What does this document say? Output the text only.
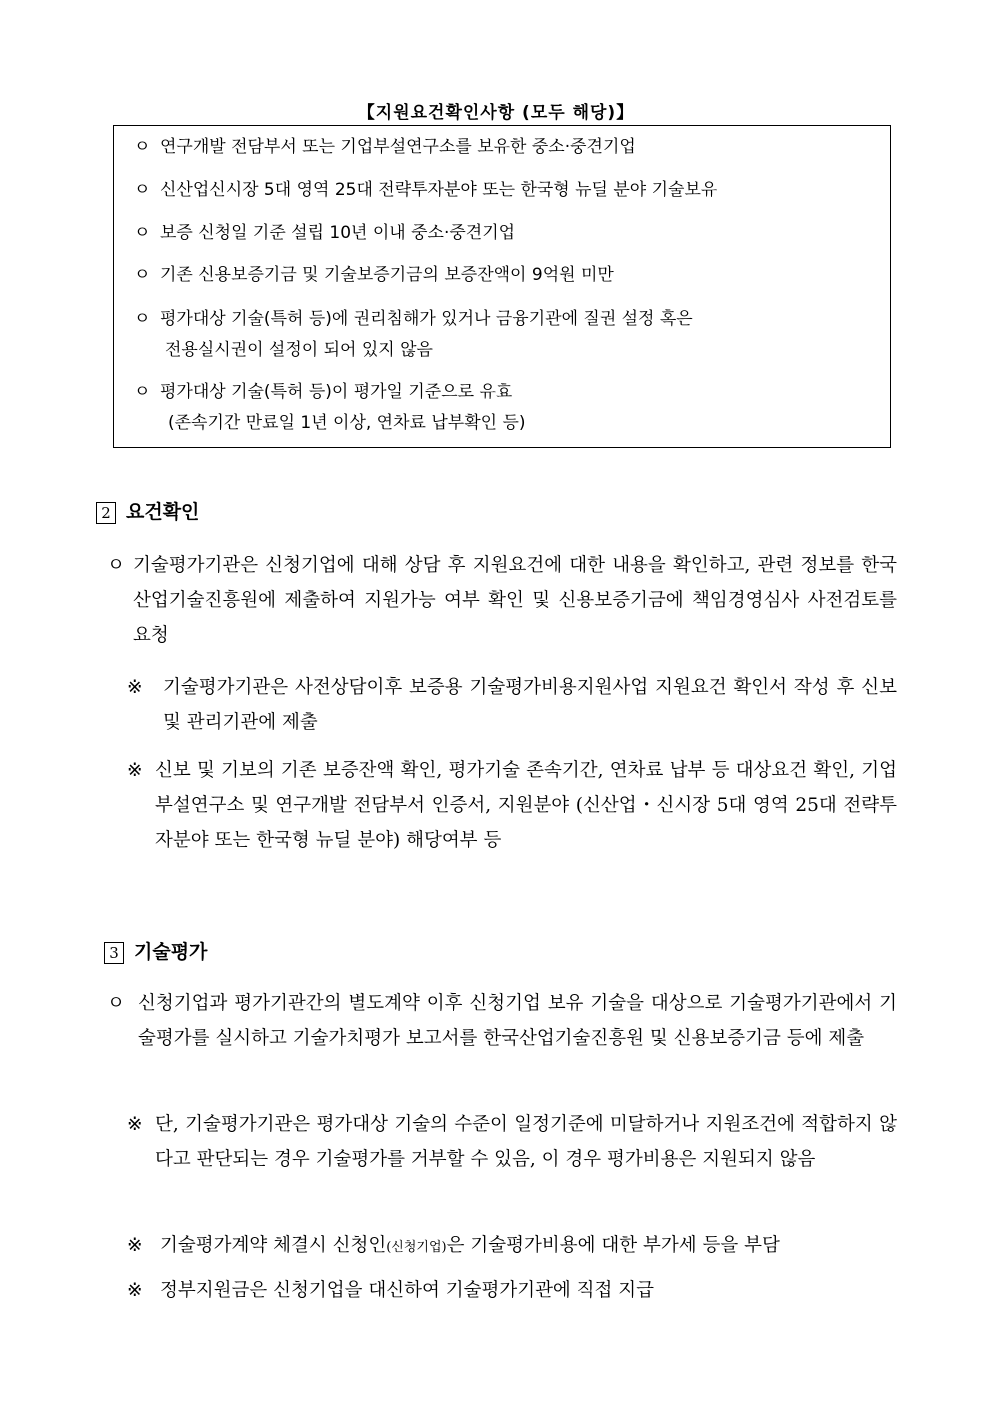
【지원요건확인사항 (모두 해당)】
ㅇ 연구개발 전담부서 또는 기업부설연구소를 보유한 중소·중견기업
ㅇ 신산업신시장 5대 영역 25대 전략투자분야 또는 한국형 뉴딜 분야 기술보유
ㅇ 보증 신청일 기준 설립 10년 이내 중소·중견기업
ㅇ 기존 신용보증기금 및 기술보증기금의 보증잔액이 9억원 미만
ㅇ 평가대상 기술(특허 등)에 권리침해가 있거나 금융기관에 질권 설정 혹은
전용실시권이 설정이 되어 있지 않음
ㅇ 평가대상 기술(특허 등)이 평가일 기준으로 유효
(존속기간 만료일 1년 이상, 연차료 납부확인 등)
2 요건확인
ㅇ 기술평가기관은 신청기업에 대해 상담 후 지원요건에 대한 내용을 확인하고, 관련 정보를 한국산업기술진흥원에 제출하여 지원가능 여부 확인 및 신용보증기금에 책임경영심사 사전검토를 요청
※	기술평가기관은 사전상담이후 보증용 기술평가비용지원사업 지원요건 확인서 작성 후 신보 및 관리기관에 제출
※ 신보 및 기보의 기존 보증잔액 확인, 평가기술 존속기간, 연차료 납부 등 대상요건 확인, 기업부설연구소 및 연구개발 전담부서 인증서, 지원분야 (신산업・신시장 5대 영역 25대 전략투자분야 또는 한국형 뉴딜 분야) 해당여부 등
3 기술평가
ㅇ 신청기업과 평가기관간의 별도계약 이후 신청기업 보유 기술을 대상으로 기술평가기관에서 기술평가를 실시하고 기술가치평가 보고서를 한국산업기술진흥원 및 신용보증기금 등에 제출
※ 단, 기술평가기관은 평가대상 기술의 수준이 일정기준에 미달하거나 지원조건에 적합하지 않다고 판단되는 경우 기술평가를 거부할 수 있음, 이 경우 평가비용은 지원되지 않음
※ 기술평가계약 체결시 신청인(신청기업)은 기술평가비용에 대한 부가세 등을 부담
※ 정부지원금은 신청기업을 대신하여 기술평가기관에 직접 지급
